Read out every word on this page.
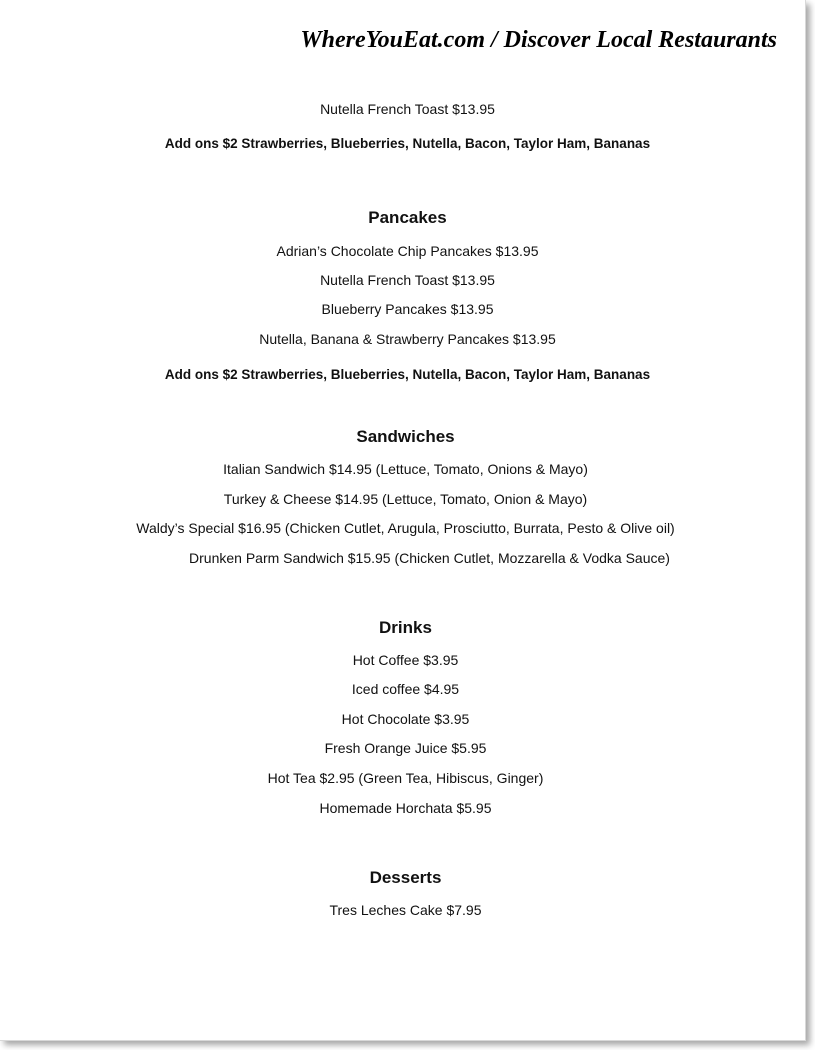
WhereYouEat.com / Discover Local Restaurants
Nutella French Toast $13.95
Add ons $2 Strawberries, Blueberries, Nutella, Bacon, Taylor Ham, Bananas
Pancakes
Adrian’s Chocolate Chip Pancakes $13.95
Nutella French Toast $13.95
Blueberry Pancakes $13.95
Nutella, Banana & Strawberry Pancakes $13.95
Add ons $2 Strawberries, Blueberries, Nutella, Bacon, Taylor Ham, Bananas
Sandwiches
Italian Sandwich $14.95 (Lettuce, Tomato, Onions & Mayo)
Turkey & Cheese $14.95 (Lettuce, Tomato, Onion & Mayo)
Waldy’s Special $16.95 (Chicken Cutlet, Arugula, Prosciutto, Burrata, Pesto & Olive oil)
Drunken Parm Sandwich $15.95 (Chicken Cutlet, Mozzarella & Vodka Sauce)
Drinks
Hot Coffee $3.95
Iced coffee $4.95
Hot Chocolate $3.95
Fresh Orange Juice $5.95
Hot Tea $2.95 (Green Tea, Hibiscus, Ginger)
Homemade Horchata $5.95
Desserts
Tres Leches Cake $7.95
